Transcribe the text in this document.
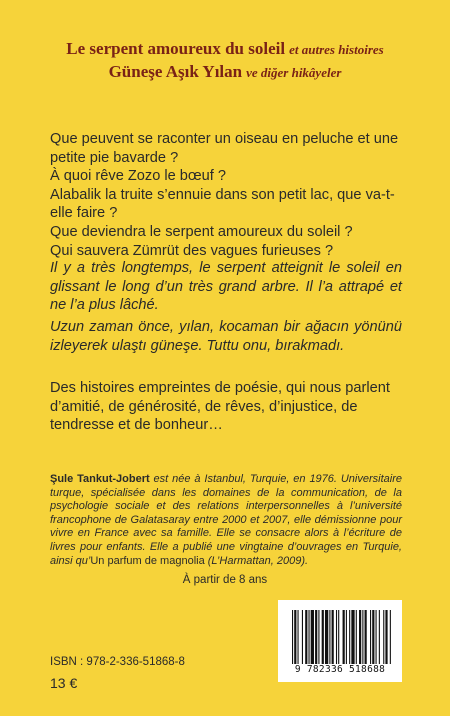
Le serpent amoureux du soleil et autres histoires
Güneşe Aşık Yılan ve diğer hikâyeler

Que peuvent se raconter un oiseau en peluche et une petite pie bavarde ?

À quoi rêve Zozo le bœuf ?

Alabalik la truite s’ennuie dans son petit lac, que va-t-elle faire ?

Que deviendra le serpent amoureux du soleil ?

Qui sauvera Zümrüt des vagues furieuses ?

Il y a très longtemps, le serpent atteignit le soleil en glissant le long d’un très grand arbre. Il l’a attrapé et ne l’a plus lâché.

Uzun zaman önce, yılan, kocaman bir ağacın yönünü izleyerek ulaştı güneşe. Tuttu onu, bırakmadı.

Des histoires empreintes de poésie, qui nous parlent d’amitié, de générosité, de rêves, d’injustice, de tendresse et de bonheur…

Şule Tankut-Jobert est née à Istanbul, Turquie, en 1976. Universitaire turque, spécialisée dans les domaines de la communication, de la psychologie sociale et des relations interpersonnelles à l’université francophone de Galatasaray entre 2000 et 2007, elle démissionne pour vivre en France avec sa famille. Elle se consacre alors à l’écriture de livres pour enfants. Elle a publié une vingtaine d’ouvrages en Turquie, ainsi qu’Un parfum de magnolia (L’Harmattan, 2009).

À partir de 8 ans
9 782336 518688
ISBN : 978-2-336-51868-8
13 €
